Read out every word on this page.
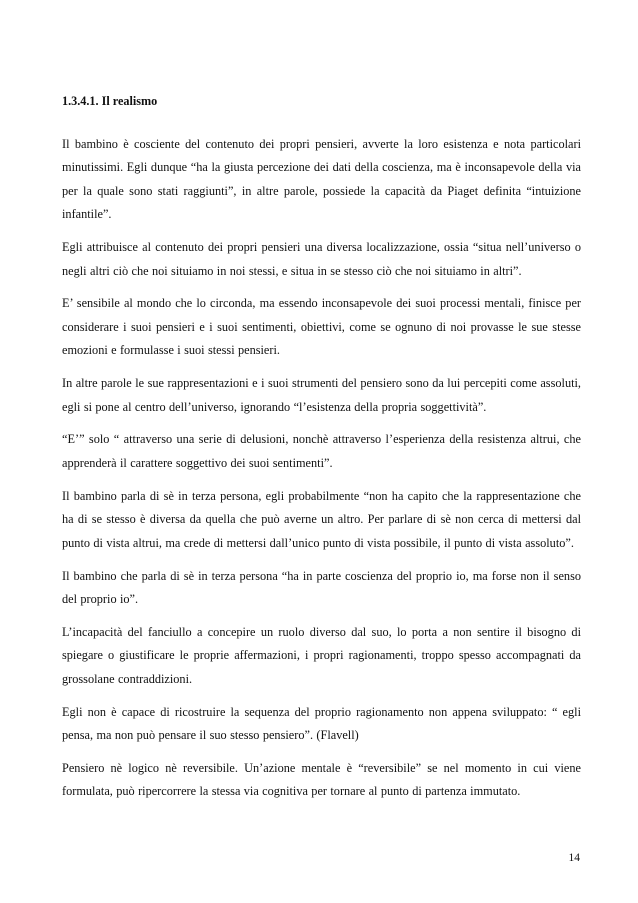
1.3.4.1. Il realismo

Il bambino è cosciente del contenuto dei propri pensieri, avverte la loro esistenza e nota particolari minutissimi. Egli dunque “ha la giusta percezione dei dati della coscienza, ma è inconsapevole della via per la quale sono stati raggiunti”, in altre parole, possiede la capacità da Piaget definita “intuizione infantile”.

Egli attribuisce al contenuto dei propri pensieri una diversa localizzazione, ossia “situa nell’universo o negli altri ciò che noi situiamo in noi stessi, e situa in se stesso ciò che noi situiamo in altri”.

E’ sensibile al mondo che lo circonda, ma essendo inconsapevole dei suoi processi mentali, finisce per considerare i suoi pensieri e i suoi sentimenti, obiettivi, come se ognuno di noi provasse le sue stesse emozioni e formulasse i suoi stessi pensieri.

In altre parole le sue rappresentazioni e i suoi strumenti del pensiero sono da lui percepiti come assoluti, egli si pone al centro dell’universo, ignorando “l’esistenza della propria soggettività”.

“E’” solo “ attraverso una serie di delusioni, nonchè attraverso l’esperienza della resistenza altrui, che apprenderà il carattere soggettivo dei suoi sentimenti”.

Il bambino parla di sè in terza persona, egli probabilmente “non ha capito che la rappresentazione che ha di se stesso è diversa da quella che può averne un altro. Per parlare di sè non cerca di mettersi dal punto di vista altrui, ma crede di mettersi dall’unico punto di vista possibile, il punto di vista assoluto”.

Il bambino che parla di sè in terza persona “ha in parte coscienza del proprio io, ma forse non il senso del proprio io”.

L’incapacità del fanciullo a concepire un ruolo diverso dal suo, lo porta a non sentire il bisogno di spiegare o giustificare le proprie affermazioni, i propri ragionamenti, troppo spesso accompagnati da grossolane contraddizioni.

Egli non è capace di ricostruire la sequenza del proprio ragionamento non appena sviluppato: “ egli pensa, ma non può pensare il suo stesso pensiero”. (Flavell)

Pensiero nè logico nè reversibile. Un’azione mentale è “reversibile” se nel momento in cui viene formulata, può ripercorrere la stessa via cognitiva per tornare al punto di partenza immutato.

14
